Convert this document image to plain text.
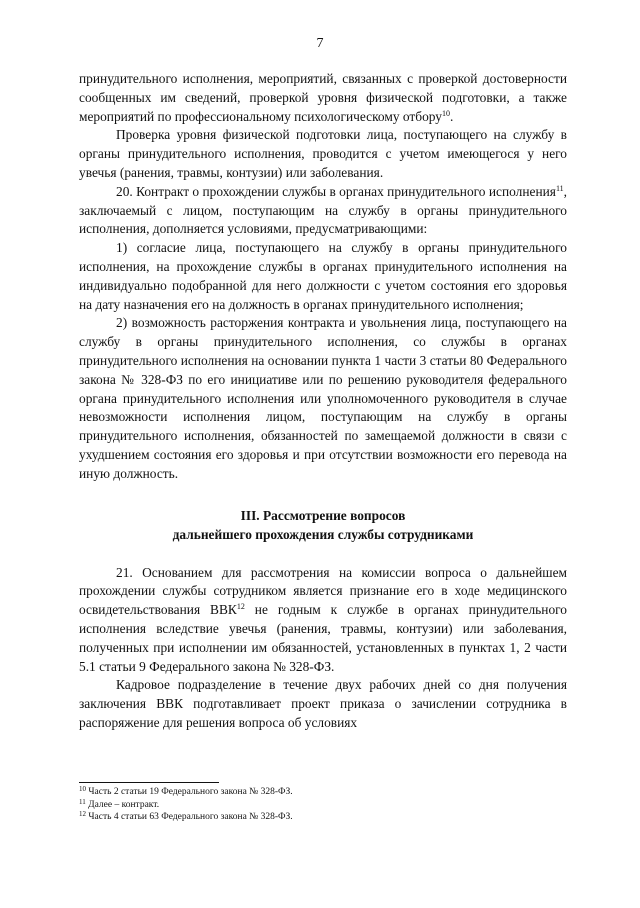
7

принудительного исполнения, мероприятий, связанных с проверкой достоверности сообщенных им сведений, проверкой уровня физической подготовки, а также мероприятий по профессиональному психологическому отбору$^{10}$.

Проверка уровня физической подготовки лица, поступающего на службу в органы принудительного исполнения, проводится с учетом имеющегося у него увечья (ранения, травмы, контузии) или заболевания.

20. Контракт о прохождении службы в органах принудительного исполнения$^{11}$, заключаемый с лицом, поступающим на службу в органы принудительного исполнения, дополняется условиями, предусматривающими:

1) согласие лица, поступающего на службу в органы принудительного исполнения, на прохождение службы в органах принудительного исполнения на индивидуально подобранной для него должности с учетом состояния его здоровья на дату назначения его на должность в органах принудительного исполнения;

2) возможность расторжения контракта и увольнения лица, поступающего на службу в органы принудительного исполнения, со службы в органах принудительного исполнения на основании пункта 1 части 3 статьи 80 Федерального закона № 328-ФЗ по его инициативе или по решению руководителя федерального органа принудительного исполнения или уполномоченного руководителя в случае невозможности исполнения лицом, поступающим на службу в органы принудительного исполнения, обязанностей по замещаемой должности в связи с ухудшением состояния его здоровья и при отсутствии возможности его перевода на иную должность.

III. Рассмотрение вопросов
дальнейшего прохождения службы сотрудниками

21. Основанием для рассмотрения на комиссии вопроса о дальнейшем прохождении службы сотрудником является признание его в ходе медицинского освидетельствования ВВК$^{12}$ не годным к службе в органах принудительного исполнения вследствие увечья (ранения, травмы, контузии) или заболевания, полученных при исполнении им обязанностей, установленных в пунктах 1, 2 части 5.1 статьи 9 Федерального закона № 328-ФЗ.

Кадровое подразделение в течение двух рабочих дней со дня получения заключения ВВК подготавливает проект приказа о зачислении сотрудника в распоряжение для решения вопроса об условиях

$^{10}$ Часть 2 статьи 19 Федерального закона № 328-ФЗ.

$^{11}$ Далее – контракт.

$^{12}$ Часть 4 статьи 63 Федерального закона № 328-ФЗ.
